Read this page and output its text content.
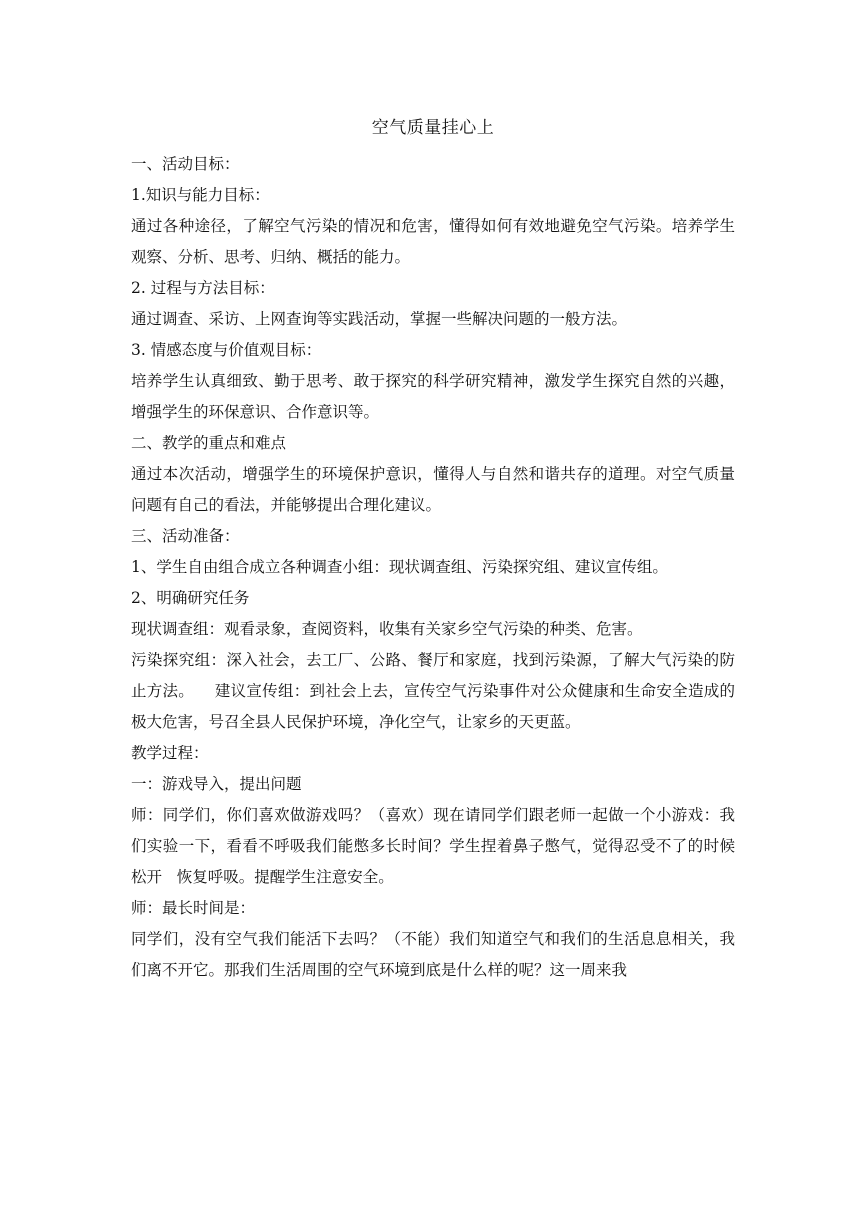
空气质量挂心上

一、活动目标：

1.知识与能力目标：

通过各种途径，了解空气污染的情况和危害，懂得如何有效地避免空气污染。培养学生观察、分析、思考、归纳、概括的能力。

2. 过程与方法目标：

通过调查、采访、上网查询等实践活动，掌握一些解决问题的一般方法。

3. 情感态度与价值观目标：

培养学生认真细致、勤于思考、敢于探究的科学研究精神，激发学生探究自然的兴趣，增强学生的环保意识、合作意识等。

二、教学的重点和难点

通过本次活动，增强学生的环境保护意识，懂得人与自然和谐共存的道理。对空气质量问题有自己的看法，并能够提出合理化建议。

三、活动准备：

1、学生自由组合成立各种调查小组：现状调查组、污染探究组、建议宣传组。

2、明确研究任务

现状调查组：观看录象，查阅资料，收集有关家乡空气污染的种类、危害。

污染探究组：深入社会，去工厂、公路、餐厅和家庭，找到污染源，了解大气污染的防止方法。    建议宣传组：到社会上去，宣传空气污染事件对公众健康和生命安全造成的极大危害，号召全县人民保护环境，净化空气，让家乡的天更蓝。

教学过程：

一：游戏导入，提出问题

师：同学们，你们喜欢做游戏吗？（喜欢）现在请同学们跟老师一起做一个小游戏：我们实验一下，看看不呼吸我们能憋多长时间？学生捏着鼻子憋气，觉得忍受不了的时候松开   恢复呼吸。提醒学生注意安全。

师：最长时间是：

同学们，没有空气我们能活下去吗？（不能）我们知道空气和我们的生活息息相关，我们离不开它。那我们生活周围的空气环境到底是什么样的呢？这一周来我
